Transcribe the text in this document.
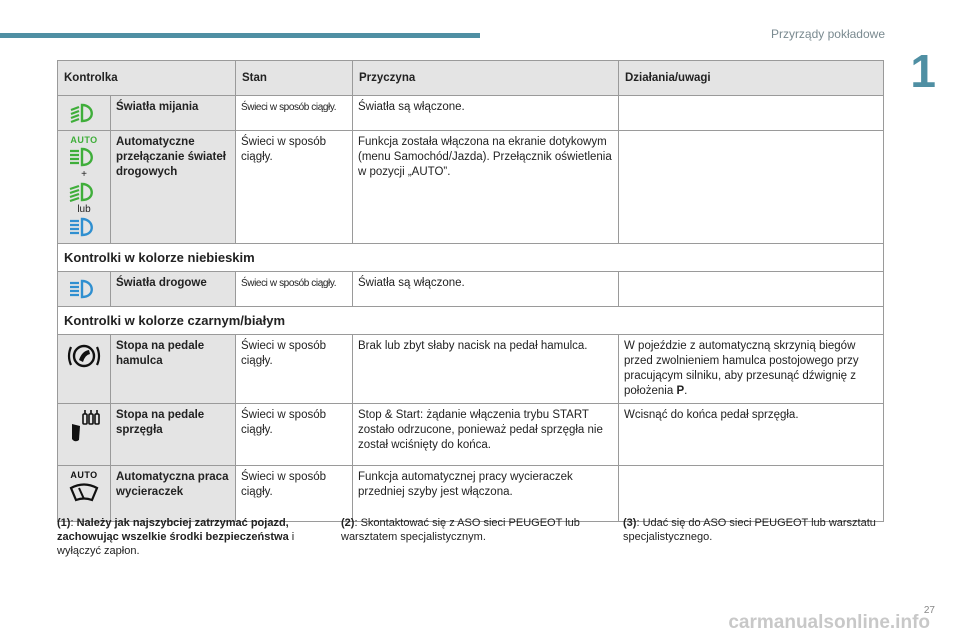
Przyrządy pokładowe
1
Kontrolka		Stan	Przyczyna	Działania/uwagi

	Światła mijania	Świeci w sposób ciągły.	Światła są włączone.	

AUTO
+
lub	Automatyczne przełączanie świateł drogowych	Świeci w sposób ciągły.	Funkcja została włączona na ekranie dotykowym (menu Samochód/Jazda). Przełącznik oświetlenia w pozycji „AUTO”.	
Kontrolki w kolorze niebieskim				

	Światła drogowe	Świeci w sposób ciągły.	Światła są włączone.	
Kontrolki w kolorze czarnym/białym				

	Stopa na pedale hamulca	Świeci w sposób ciągły.	Brak lub zbyt słaby nacisk na pedał hamulca.	W pojeździe z automatyczną skrzynią biegów przed zwolnieniem hamulca postojowego przy pracującym silniku, aby przesunąć dźwignię z położenia P.

	Stopa na pedale sprzęgła	Świeci w sposób ciągły.	Stop & Start: żądanie włączenia trybu START zostało odrzucone, ponieważ pedał sprzęgła nie został wciśnięty do końca.	Wcisnąć do końca pedał sprzęgła.

AUTO	Automatyczna praca wycieraczek	Świeci w sposób ciągły.	Funkcja automatycznej pracy wycieraczek przedniej szyby jest włączona.	
(1): Należy jak najszybciej zatrzymać pojazd, zachowując wszelkie środki bezpieczeństwa i wyłączyć zapłon.
(2): Skontaktować się z ASO sieci PEUGEOT lub warsztatem specjalistycznym.
(3): Udać się do ASO sieci PEUGEOT lub warsztatu specjalistycznego.
27
carmanualsonline.info
